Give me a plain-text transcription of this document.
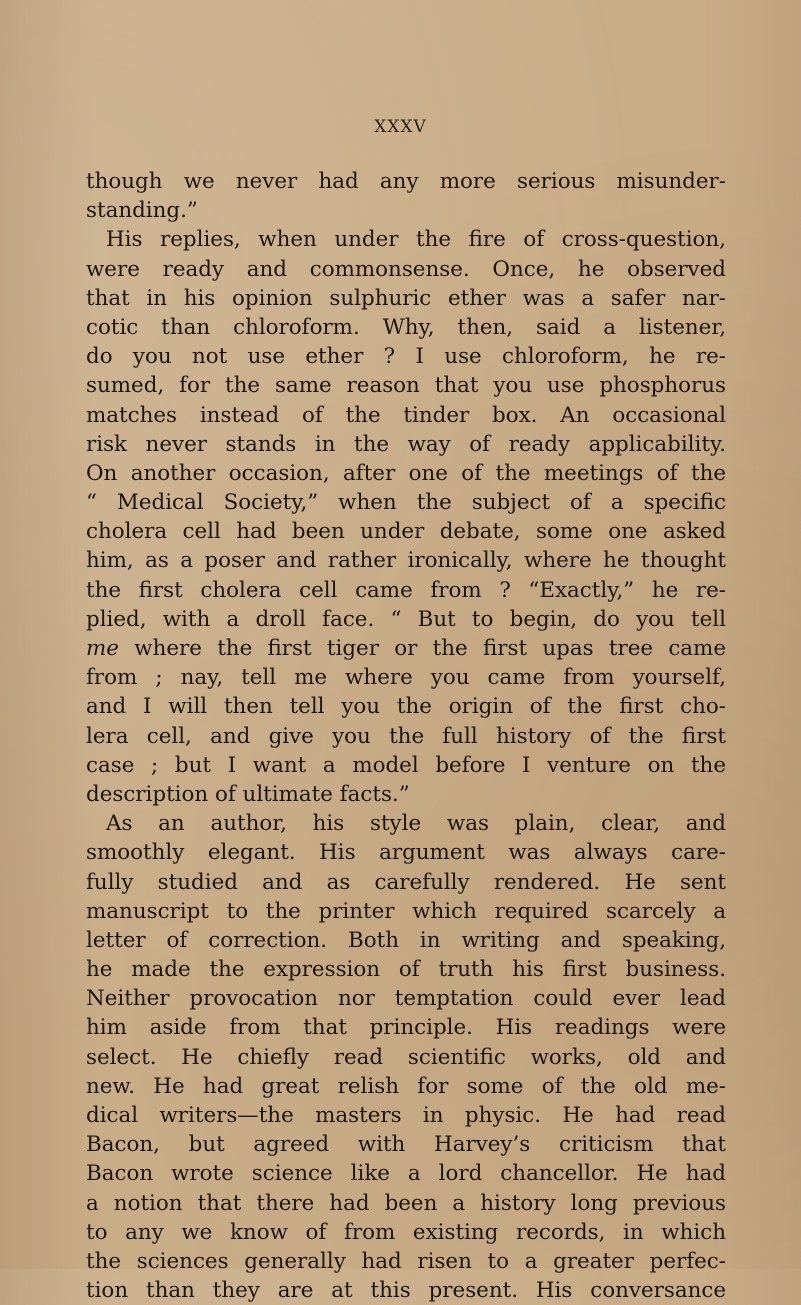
XXXV
though we never had any more serious misunder-
standing.”
His replies, when under the fire of cross-question,
were ready and commonsense. Once, he observed
that in his opinion sulphuric ether was a safer nar-
cotic than chloroform. Why, then, said a listener,
do you not use ether ? I use chloroform, he re-
sumed, for the same reason that you use phosphorus
matches instead of the tinder box. An occasional
risk never stands in the way of ready applicability.
On another occasion, after one of the meetings of the
“ Medical Society,” when the subject of a specific
cholera cell had been under debate, some one asked
him, as a poser and rather ironically, where he thought
the first cholera cell came from ? “Exactly,” he re-
plied, with a droll face. “ But to begin, do you tell
me where the first tiger or the first upas tree came
from ; nay, tell me where you came from yourself,
and I will then tell you the origin of the first cho-
lera cell, and give you the full history of the first
case ; but I want a model before I venture on the
description of ultimate facts.”
As an author, his style was plain, clear, and
smoothly elegant. His argument was always care-
fully studied and as carefully rendered. He sent
manuscript to the printer which required scarcely a
letter of correction. Both in writing and speaking,
he made the expression of truth his first business.
Neither provocation nor temptation could ever lead
him aside from that principle. His readings were
select. He chiefly read scientific works, old and
new. He had great relish for some of the old me-
dical writers—the masters in physic. He had read
Bacon, but agreed with Harvey’s criticism that
Bacon wrote science like a lord chancellor. He had
a notion that there had been a history long previous
to any we know of from existing records, in which
the sciences generally had risen to a greater perfec-
tion than they are at this present. His conversance
